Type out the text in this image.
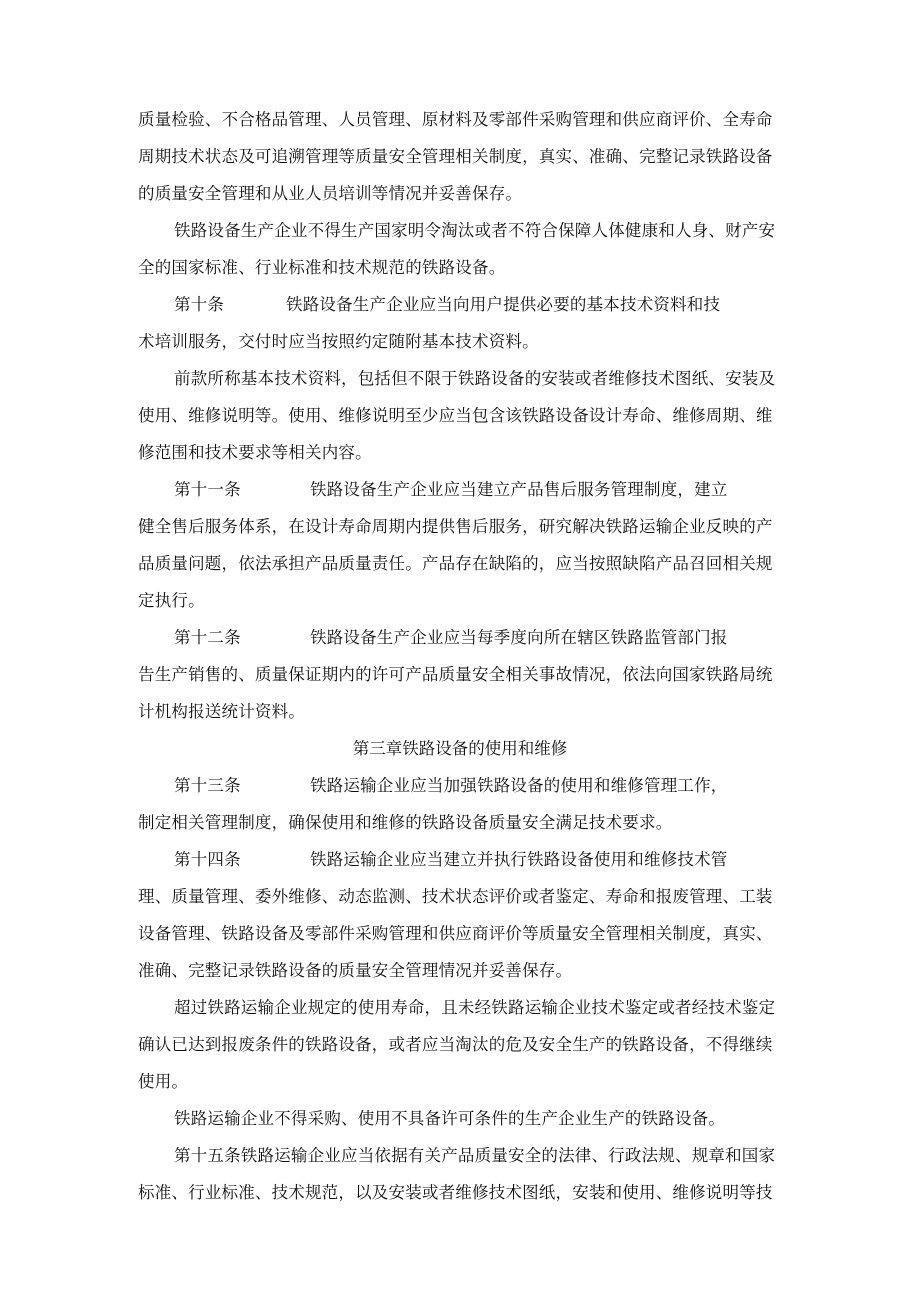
质量检验、不合格品管理、人员管理、原材料及零部件采购管理和供应商评价、全寿命
周期技术状态及可追溯管理等质量安全管理相关制度，真实、准确、完整记录铁路设备
的质量安全管理和从业人员培训等情况并妥善保存。
铁路设备生产企业不得生产国家明令淘汰或者不符合保障人体健康和人身、财产安
全的国家标准、行业标准和技术规范的铁路设备。
第十条	铁路设备生产企业应当向用户提供必要的基本技术资料和技
术培训服务，交付时应当按照约定随附基本技术资料。
前款所称基本技术资料，包括但不限于铁路设备的安装或者维修技术图纸、安装及
使用、维修说明等。使用、维修说明至少应当包含该铁路设备设计寿命、维修周期、维
修范围和技术要求等相关内容。
第十一条	铁路设备生产企业应当建立产品售后服务管理制度，建立
健全售后服务体系，在设计寿命周期内提供售后服务，研究解决铁路运输企业反映的产
品质量问题，依法承担产品质量责任。产品存在缺陷的，应当按照缺陷产品召回相关规
定执行。
第十二条	铁路设备生产企业应当每季度向所在辖区铁路监管部门报
告生产销售的、质量保证期内的许可产品质量安全相关事故情况，依法向国家铁路局统
计机构报送统计资料。
第三章铁路设备的使用和维修
第十三条	铁路运输企业应当加强铁路设备的使用和维修管理工作，
制定相关管理制度，确保使用和维修的铁路设备质量安全满足技术要求。
第十四条	铁路运输企业应当建立并执行铁路设备使用和维修技术管
理、质量管理、委外维修、动态监测、技术状态评价或者鉴定、寿命和报废管理、工装
设备管理、铁路设备及零部件采购管理和供应商评价等质量安全管理相关制度，真实、
准确、完整记录铁路设备的质量安全管理情况并妥善保存。
超过铁路运输企业规定的使用寿命，且未经铁路运输企业技术鉴定或者经技术鉴定
确认已达到报废条件的铁路设备，或者应当淘汰的危及安全生产的铁路设备，不得继续
使用。
铁路运输企业不得采购、使用不具备许可条件的生产企业生产的铁路设备。
第十五条铁路运输企业应当依据有关产品质量安全的法律、行政法规、规章和国家
标准、行业标准、技术规范，以及安装或者维修技术图纸，安装和使用、维修说明等技
